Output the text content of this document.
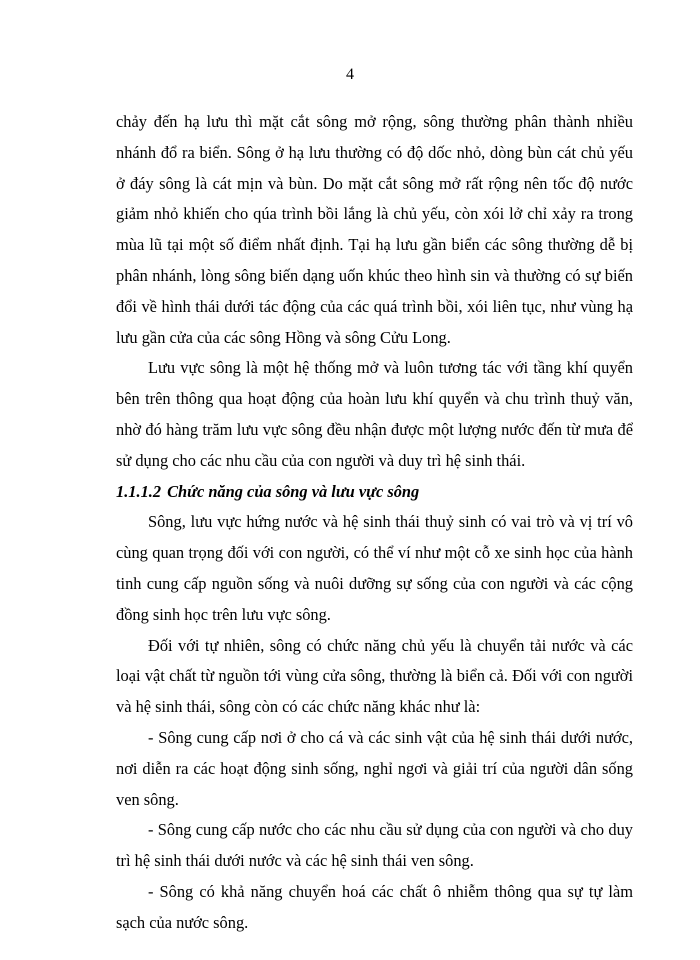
4

chảy đến hạ lưu thì mặt cắt sông mở rộng, sông thường phân thành nhiều nhánh đổ ra biển. Sông ở hạ lưu thường có độ dốc nhỏ, dòng bùn cát chủ yếu ở đáy sông là cát mịn và bùn. Do mặt cắt sông mở rất rộng nên tốc độ nước giảm nhỏ khiến cho qúa trình bồi lắng là chủ yếu, còn xói lở chỉ xảy ra trong mùa lũ tại một số điểm nhất định. Tại hạ lưu gần biển các sông thường dễ bị phân nhánh, lòng sông biến dạng uốn khúc theo hình sin và thường có sự biến đổi về hình thái dưới tác động của các quá trình bồi, xói liên tục, như vùng hạ lưu gần cửa của các sông Hồng và sông Cửu Long.

Lưu vực sông là một hệ thống mở và luôn tương tác với tầng khí quyển bên trên thông qua hoạt động của hoàn lưu khí quyển và chu trình thuỷ văn, nhờ đó hàng trăm lưu vực sông đều nhận được một lượng nước đến từ mưa để sử dụng cho các nhu cầu của con người và duy trì hệ sinh thái.

1.1.1.2 Chức năng của sông và lưu vực sông

Sông, lưu vực hứng nước và hệ sinh thái thuỷ sinh có vai trò và vị trí vô cùng quan trọng đối với con người, có thể ví như một cỗ xe sinh học của hành tinh cung cấp nguồn sống và nuôi dưỡng sự sống của con người và các cộng đồng sinh học trên lưu vực sông.

Đối với tự nhiên, sông có chức năng chủ yếu là chuyển tải nước và các loại vật chất từ nguồn tới vùng cửa sông, thường là biển cả. Đối với con người và hệ sinh thái, sông còn có các chức năng khác như là:

- Sông cung cấp nơi ở cho cá và các sinh vật của hệ sinh thái dưới nước, nơi diễn ra các hoạt động sinh sống, nghỉ ngơi và giải trí của người dân sống ven sông.

- Sông cung cấp nước cho các nhu cầu sử dụng của con người và cho duy trì hệ sinh thái dưới nước và các hệ sinh thái ven sông.

- Sông có khả năng chuyển hoá các chất ô nhiễm thông qua sự tự làm sạch của nước sông.
